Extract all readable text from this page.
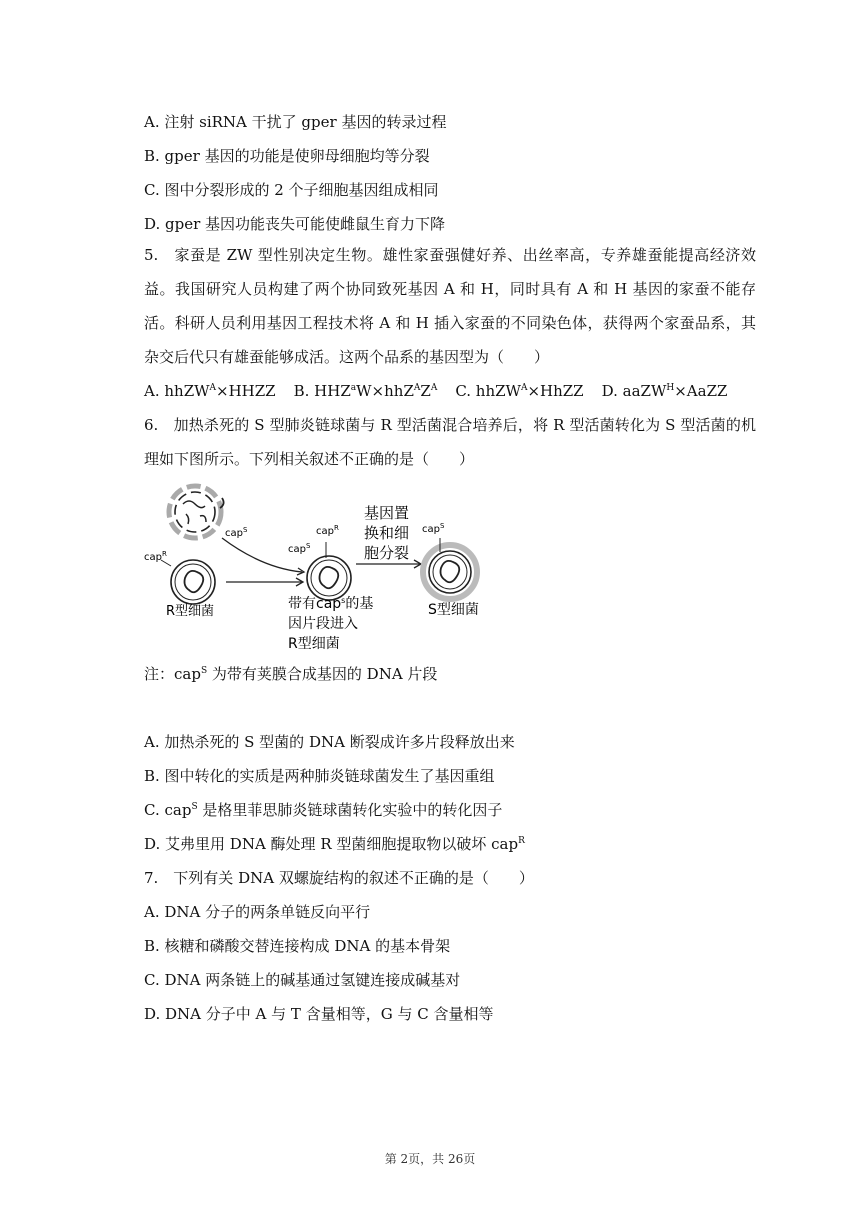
A. 注射 siRNA 干扰了 gper 基因的转录过程
B. gper 基因的功能是使卵母细胞均等分裂
C. 图中分裂形成的 2 个子细胞基因组成相同
D. gper 基因功能丧失可能使雌鼠生育力下降
5.　家蚕是 ZW 型性别决定生物。雄性家蚕强健好养、出丝率高，专养雄蚕能提高经济效益。我国研究人员构建了两个协同致死基因 A 和 H，同时具有 A 和 H 基因的家蚕不能存活。科研人员利用基因工程技术将 A 和 H 插入家蚕的不同染色体，获得两个家蚕品系，其杂交后代只有雄蚕能够成活。这两个品系的基因型为（　　）
A. hhZW$^A$×HHZZ B. $HHZ^aW\times hhZ^AZ^A$ C. hhZW$^A$×HhZZ D. aaZW$^H$×AaZZ
6.　加热杀死的 S 型肺炎链球菌与 R 型活菌混合培养后，将 R 型活菌转化为 S 型活菌的机理如下图所示。下列相关叙述不正确的是（　　）
cap$^S$
cap$^R$
R型细菌
cap$^R$
cap$^S$
带有cap$^s$的基
因片段进入
R型细菌
基因置
换和细
胞分裂
cap$^S$
S型细菌
注：cap$^S$ 为带有荚膜合成基因的 DNA 片段
A. 加热杀死的 S 型菌的 DNA 断裂成许多片段释放出来
B. 图中转化的实质是两种肺炎链球菌发生了基因重组
C. cap$^S$ 是格里菲思肺炎链球菌转化实验中的转化因子
D. 艾弗里用 DNA 酶处理 R 型菌细胞提取物以破坏 cap$^R$
7.　下列有关 DNA 双螺旋结构的叙述不正确的是（　　）
A. DNA 分子的两条单链反向平行
B. 核糖和磷酸交替连接构成 DNA 的基本骨架
C. DNA 两条链上的碱基通过氢键连接成碱基对
D. DNA 分子中 A 与 T 含量相等，G 与 C 含量相等
第 2页，共 26页
